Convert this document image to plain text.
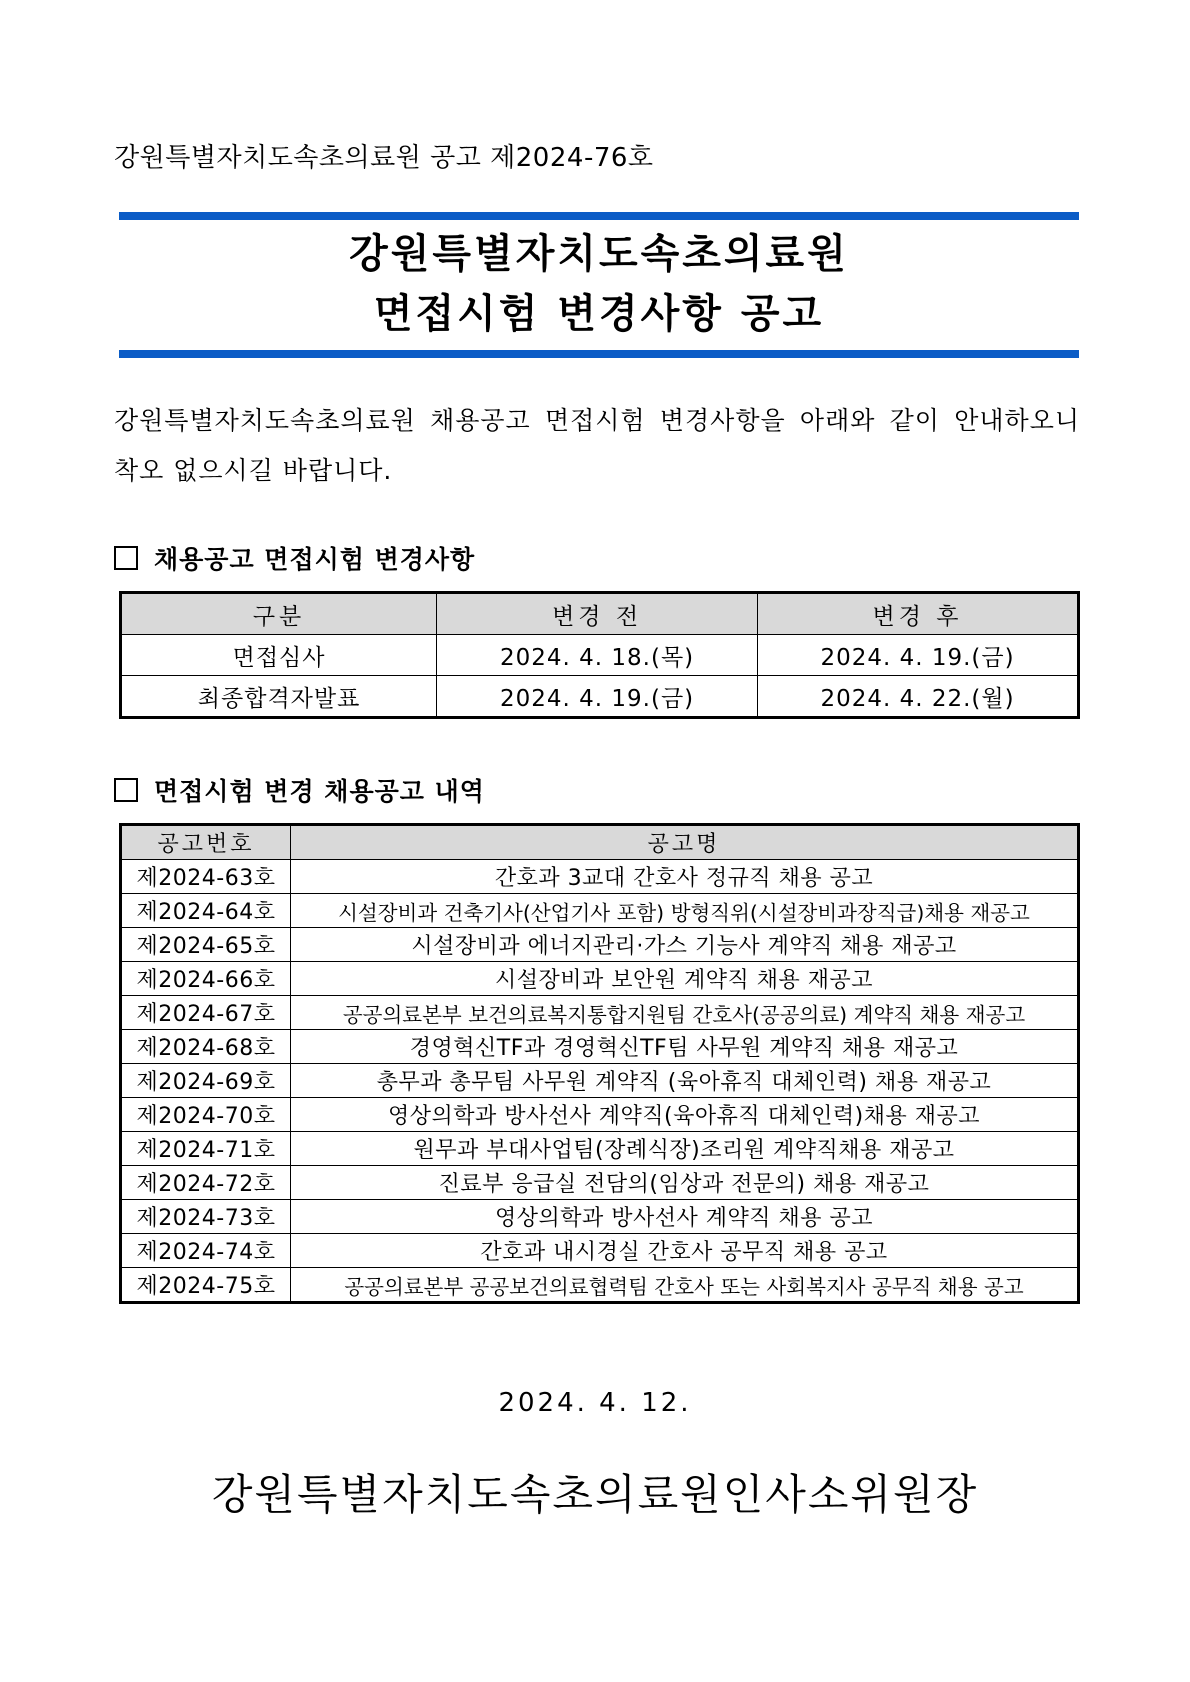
강원특별자치도속초의료원 공고 제2024-76호
강원특별자치도속초의료원
면접시험 변경사항 공고
강원특별자치도속초의료원 채용공고 면접시험 변경사항을 아래와 같이 안내하오니 착오 없으시길 바랍니다.
채용공고 면접시험 변경사항
구분	변경 전	변경 후
면접심사	2024. 4. 18.(목)	2024. 4. 19.(금)
최종합격자발표	2024. 4. 19.(금)	2024. 4. 22.(월)
면접시험 변경 채용공고 내역
공고번호	공고명
제2024-63호	간호과 3교대 간호사 정규직 채용 공고
제2024-64호	시설장비과 건축기사(산업기사 포함) 방형직위(시설장비과장직급)채용 재공고
제2024-65호	시설장비과 에너지관리·가스 기능사 계약직 채용 재공고
제2024-66호	시설장비과 보안원 계약직 채용 재공고
제2024-67호	공공의료본부 보건의료복지통합지원팀 간호사(공공의료) 계약직 채용 재공고
제2024-68호	경영혁신TF과 경영혁신TF팀 사무원 계약직 채용 재공고
제2024-69호	총무과 총무팀 사무원 계약직 (육아휴직 대체인력) 채용 재공고
제2024-70호	영상의학과 방사선사 계약직(육아휴직 대체인력)채용 재공고
제2024-71호	원무과 부대사업팀(장례식장)조리원 계약직채용 재공고
제2024-72호	진료부 응급실 전담의(임상과 전문의) 채용 재공고
제2024-73호	영상의학과 방사선사 계약직 채용 공고
제2024-74호	간호과 내시경실 간호사 공무직 채용 공고
제2024-75호	공공의료본부 공공보건의료협력팀 간호사 또는 사회복지사 공무직 채용 공고
2024. 4. 12.
강원특별자치도속초의료원인사소위원장
